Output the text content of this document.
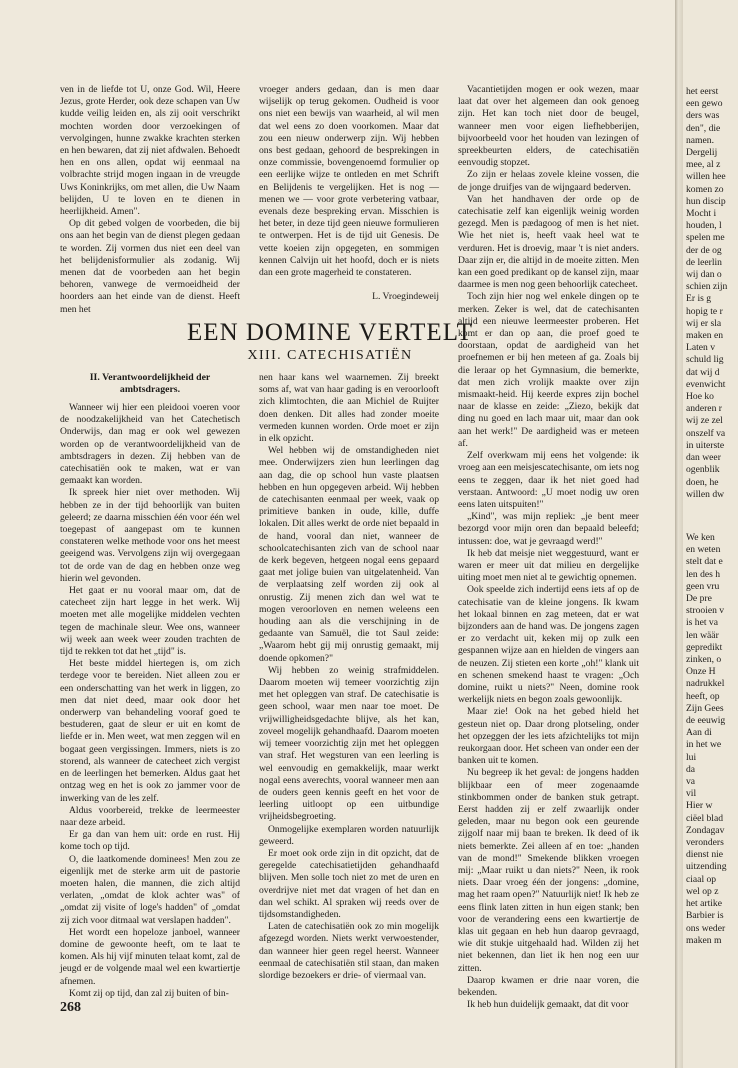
ven in de liefde tot U, onze God. Wil, Heere Jezus, grote Herder, ook deze schapen van Uw kudde veilig leiden en, als zij ooit verschrikt mochten worden door verzoekingen of vervolgingen, hunne zwakke krachten sterken en hen bewaren, dat zij niet afdwalen. Behoedt hen en ons allen, opdat wij eenmaal na volbrachte strijd mogen ingaan in de vreugde Uws Koninkrijks, om met allen, die Uw Naam belijden, U te loven en te dienen in heerlijkheid. Amen".

Op dit gebed volgen de voorbeden, die bij ons aan het begin van de dienst plegen gedaan te worden. Zij vormen dus niet een deel van het belijdenisformulier als zodanig. Wij menen dat de voorbeden aan het begin behoren, vanwege de vermoeidheid der hoorders aan het einde van de dienst. Heeft men het

vroeger anders gedaan, dan is men daar wijselijk op terug gekomen. Oudheid is voor ons niet een bewijs van waarheid, al wil men dat wel eens zo doen voorkomen. Maar dat zou een nieuw onderwerp zijn. Wij hebben ons best gedaan, gehoord de besprekingen in onze commissie, bovengenoemd formulier op een eerlijke wijze te ontleden en met Schrift en Belijdenis te vergelijken. Het is nog — menen we — voor grote verbetering vatbaar, evenals deze bespreking ervan. Misschien is het beter, in deze tijd geen nieuwe formulieren te ontwerpen. Het is de tijd uit Genesis. De vette koeien zijn opgegeten, en sommigen kennen Calvijn uit het hoofd, doch er is niets dan een grote magerheid te constateren.

L. Vroegindeweij

EEN DOMINE VERTELT
XIII. CATECHISATIËN
II. Verantwoordelijkheid der ambtsdragers.

Wanneer wij hier een pleidooi voeren voor de noodzakelijkheid van het Catechetisch Onderwijs, dan mag er ook wel gewezen worden op de verantwoordelijkheid van de ambtsdragers in dezen. Zij hebben van de catechisatiën ook te maken, wat er van gemaakt kan worden.

Ik spreek hier niet over methoden. Wij hebben ze in der tijd behoorlijk van buiten geleerd; ze daarna misschien één voor één wel toegepast of aangepast om te kunnen constateren welke methode voor ons het meest geeigend was. Vervolgens zijn wij overgegaan tot de orde van de dag en hebben onze weg hierin wel gevonden.

Het gaat er nu vooral maar om, dat de catecheet zijn hart legge in het werk. Wij moeten met alle mogelijke middelen vechten tegen de machinale sleur. Wee ons, wanneer wij week aan week weer zouden trachten de tijd te rekken tot dat het „tijd" is.

Het beste middel hiertegen is, om zich terdege voor te bereiden. Niet alleen zou er een onderschatting van het werk in liggen, zo men dat niet deed, maar ook door het onderwerp van behandeling vooraf goed te bestuderen, gaat de sleur er uit en komt de liefde er in. Men weet, wat men zeggen wil en bogaat geen vergissingen. Immers, niets is zo storend, als wanneer de catecheet zich vergist en de leerlingen het bemerken. Aldus gaat het ontzag weg en het is ook zo jammer voor de inwerking van de les zelf.

Aldus voorbereid, trekke de leermeester naar deze arbeid.

Er ga dan van hem uit: orde en rust. Hij kome toch op tijd.

O, die laatkomende dominees! Men zou ze eigenlijk met de sterke arm uit de pastorie moeten halen, die mannen, die zich altijd verlaten, „omdat de klok achter was" of „omdat zij visite of loge's hadden" of „omdat zij zich voor ditmaal wat verslapen hadden".

Het wordt een hopeloze janboel, wanneer domine de gewoonte heeft, om te laat te komen. Als hij vijf minuten telaat komt, zal de jeugd er de volgende maal wel een kwartiertje afnemen.

Komt zij op tijd, dan zal zij buiten of bin-

nen haar kans wel waarnemen. Zij breekt soms af, wat van haar gading is en veroorlooft zich klimtochten, die aan Michiel de Ruijter doen denken. Dit alles had zonder moeite vermeden kunnen worden. Orde moet er zijn in elk opzicht.

Wel hebben wij de omstandigheden niet mee. Onderwijzers zien hun leerlingen dag aan dag, die op school hun vaste plaatsen hebben en hun opgegeven arbeid. Wij hebben de catechisanten eenmaal per week, vaak op primitieve banken in oude, kille, duffe lokalen. Dit alles werkt de orde niet bepaald in de hand, vooral dan niet, wanneer de schoolcatechisanten zich van de school naar de kerk begeven, hetgeen nogal eens gepaard gaat met jolige buien van uitgelatenheid. Van de verplaatsing zelf worden zij ook al onrustig. Zij menen zich dan wel wat te mogen veroorloven en nemen weleens een houding aan als die verschijning in de gedaante van Samuël, die tot Saul zeide: „Waarom hebt gij mij onrustig gemaakt, mij doende opkomen?"

Wij hebben zo weinig strafmiddelen. Daarom moeten wij temeer voorzichtig zijn met het opleggen van straf. De catechisatie is geen school, waar men naar toe moet. De vrijwilligheidsgedachte blijve, als het kan, zoveel mogelijk gehandhaafd. Daarom moeten wij temeer voorzichtig zijn met het opleggen van straf. Het wegsturen van een leerling is wel eenvoudig en gemakkelijk, maar werkt nogal eens averechts, vooral wanneer men aan de ouders geen kennis geeft en het voor de leerling uitloopt op een uitbundige vrijheidsbegroeting.

Onmogelijke exemplaren worden natuurlijk geweerd.

Er moet ook orde zijn in dit opzicht, dat de geregelde catechisatietijden gehandhaafd blijven. Men solle toch niet zo met de uren en overdrijve niet met dat vragen of het dan en dan wel schikt. Al spraken wij reeds over de tijdsomstandigheden.

Laten de catechisatiën ook zo min mogelijk afgezegd worden. Niets werkt verwoestender, dan wanneer hier geen regel heerst. Wanneer eenmaal de catechisatiën stil staan, dan maken slordige bezoekers er drie- of viermaal van.

Vacantietijden mogen er ook wezen, maar laat dat over het algemeen dan ook genoeg zijn. Het kan toch niet door de beugel, wanneer men voor eigen liefhebberijen, bijvoorbeeld voor het houden van lezingen of spreekbeurten elders, de catechisatiën eenvoudig stopzet.

Zo zijn er helaas zovele kleine vossen, die de jonge druifjes van de wijngaard bederven.

Van het handhaven der orde op de catechisatie zelf kan eigenlijk weinig worden gezegd. Men is pædagoog of men is het niet. Wie het niet is, heeft vaak heel wat te verduren. Het is droevig, maar 't is niet anders. Daar zijn er, die altijd in de moeite zitten. Men kan een goed predikant op de kansel zijn, maar daarmee is men nog geen behoorlijk catecheet.

Toch zijn hier nog wel enkele dingen op te merken. Zeker is wel, dat de catechisanten altijd een nieuwe leermeester proberen. Het komt er dan op aan, die proef goed te doorstaan, opdat de aardigheid van het proefnemen er bij hen meteen af ga. Zoals bij die leraar op het Gymnasium, die bemerkte, dat men zich vrolijk maakte over zijn mismaakt-heid. Hij keerde expres zijn bochel naar de klasse en zeide: „Ziezo, bekijk dat ding nu goed en lach maar uit, maar dan ook aan het werk!" De aardigheid was er meteen af.

Zelf overkwam mij eens het volgende: ik vroeg aan een meisjescatechisante, om iets nog eens te zeggen, daar ik het niet goed had verstaan. Antwoord: „U moet nodig uw oren eens laten uitspuiten!"

„Kind", was mijn repliek: „je bent meer bezorgd voor mijn oren dan bepaald beleefd; intussen: doe, wat je gevraagd werd!"

Ik heb dat meisje niet weggestuurd, want er waren er meer uit dat milieu en dergelijke uiting moet men niet al te gewichtig opnemen.

Ook speelde zich indertijd eens iets af op de catechisatie van de kleine jongens. Ik kwam het lokaal binnen en zag meteen, dat er wat bijzonders aan de hand was. De jongens zagen er zo verdacht uit, keken mij op zulk een gespannen wijze aan en hielden de vingers aan de neuzen. Zij stieten een korte „oh!" klank uit en schenen smekend haast te vragen: „Och domine, ruikt u niets?" Neen, domine rook werkelijk niets en begon zoals gewoonlijk.

Maar zie! Ook na het gebed hield het gesteun niet op. Daar drong plotseling, onder het opzeggen der les iets afzichtelijks tot mijn reukorgaan door. Het scheen van onder een der banken uit te komen.

Nu begreep ik het geval: de jongens hadden blijkbaar een of meer zogenaamde stinkbommen onder de banken stuk getrapt. Eerst hadden zij er zelf zwaarlijk onder geleden, maar nu begon ook een geurende zijgolf naar mij baan te breken. Ik deed of ik niets bemerkte. Zei alleen af en toe: „handen van de mond!" Smekende blikken vroegen mij: „Maar ruikt u dan niets?" Neen, ik rook niets. Daar vroeg één der jongens: „domine, mag het raam open?" Natuurlijk niet! Ik heb ze eens flink laten zitten in hun eigen stank; ben voor de verandering eens een kwartiertje de klas uit gegaan en heb hun daarop gevraagd, wie dit stukje uitgehaald had. Wilden zij het niet bekennen, dan liet ik hen nog een uur zitten.

Daarop kwamen er drie naar voren, die bekenden.

Ik heb hun duidelijk gemaakt, dat dit voor

268
het eerst
een gewo
ders was
den", die
namen.
Dergelij
mee, al z
willen hee
komen zo
hun discip
Mocht i
houden, l
spelen me
der de og
de leerlin
wij dan o
schien zijn
Er is g
hopig te r
wij er sla
maken en
Laten v
schuld lig
dat wij d
evenwicht
Hoe ko
anderen r
wij ze zel
onszelf va
in uiterste
dan weer
ogenblik
doen, he
willen dw
We ken
en weten
stelt dat e
len des h
geen vru
De pre
strooien v
is het va
len wäär
gepredikt
zinken, o
Onze H
nadrukkel
heeft, op
Zijn Gees
de eeuwig
Aan di
in het we
lui
da
va
vil
Hier w
ciëel blad
Zondagav
veronders
dienst nie
uitzending
ciaal op
wel op z
het artike
Barbier is
ons weder
maken m
